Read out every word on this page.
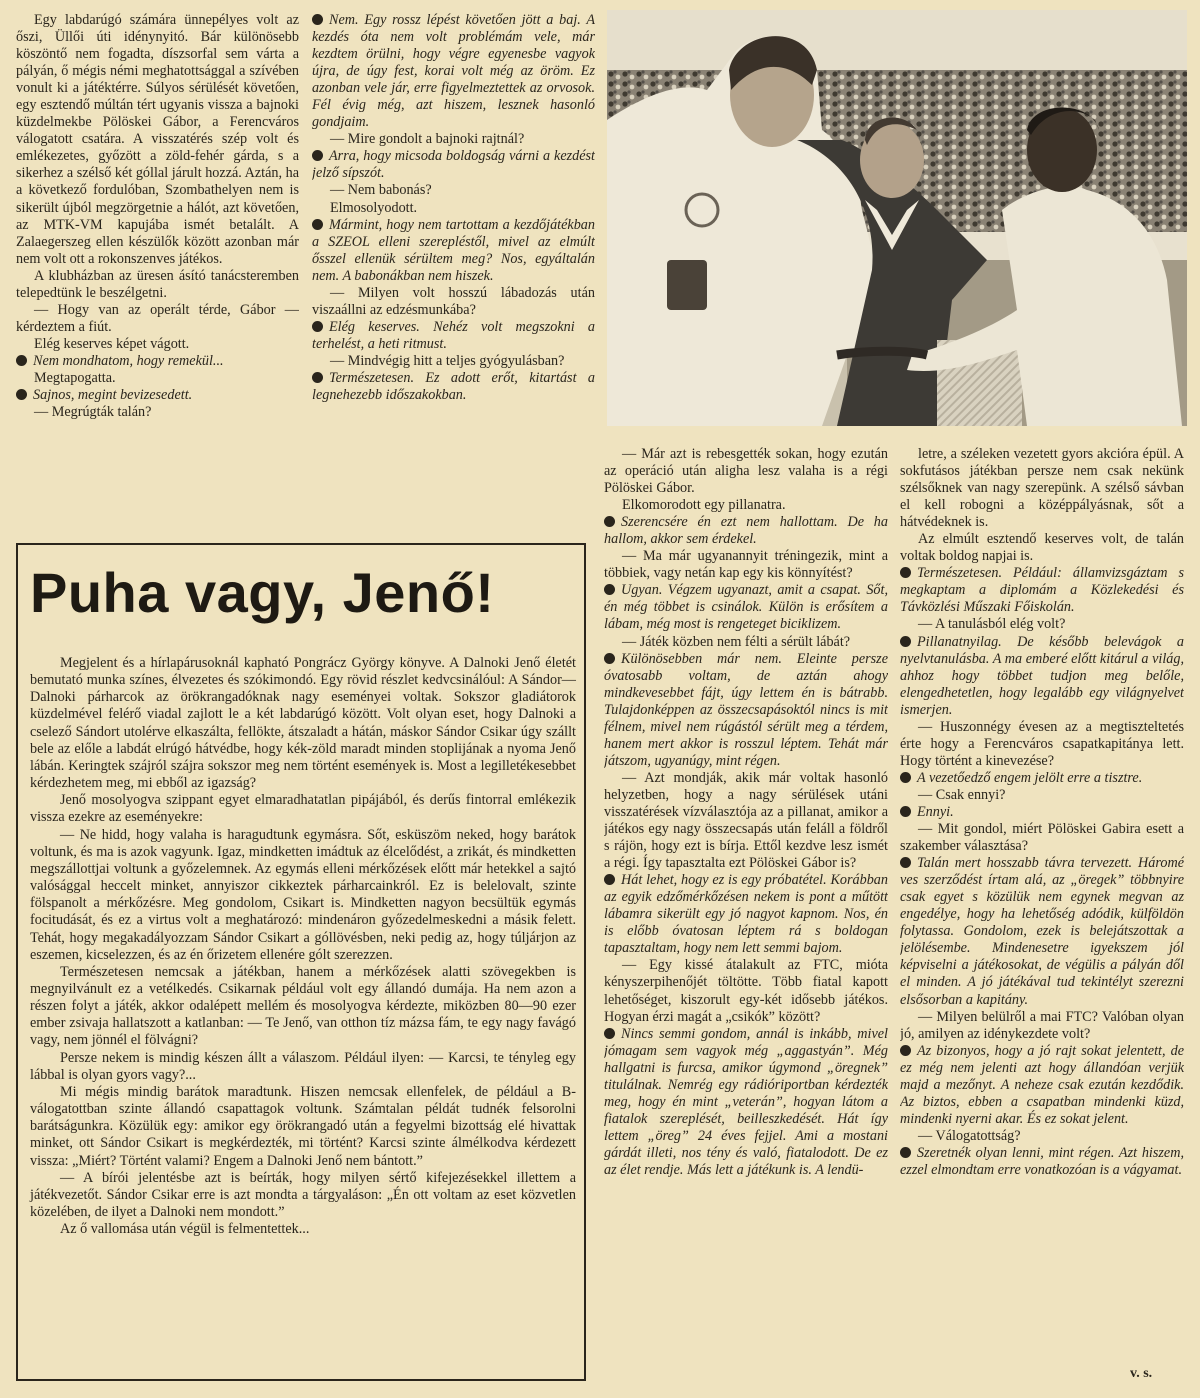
Egy labdarúgó számára ünnepélyes volt az őszi, Üllői úti idénynyitó. Bár különösebb köszöntő nem fogadta, díszsorfal sem várta a pályán, ő mégis némi meghatottsággal a szívében vonult ki a játéktérre. Súlyos sérülését követően, egy esztendő múltán tért ugyanis vissza a bajnoki küzdelmekbe Pölöskei Gábor, a Ferencváros válogatott csatára. A visszatérés szép volt és emlékezetes, győzött a zöld-fehér gárda, s a sikerhez a szélső két góllal járult hozzá. Aztán, ha a következő fordulóban, Szombathelyen nem is sikerült újból megzörgetnie a hálót, azt követően, az MTK-VM kapujába ismét betalált. A Zalaegerszeg ellen készülők között azonban már nem volt ott a rokonszenves játékos.

A klubházban az üresen ásító tanácsteremben telepedtünk le beszélgetni.

— Hogy van az operált térde, Gábor — kérdeztem a fiút.

Elég keserves képet vágott.

Nem mondhatom, hogy remekül...

Megtapogatta.

Sajnos, megint bevizesedett.

— Megrúgták talán?

Nem. Egy rossz lépést követően jött a baj. A kezdés óta nem volt problémám vele, már kezdtem örülni, hogy végre egyenesbe vagyok újra, de úgy fest, korai volt még az öröm. Ez azonban vele jár, erre figyelmeztettek az orvosok. Fél évig még, azt hiszem, lesznek hasonló gondjaim.

— Mire gondolt a bajnoki rajtnál?

Arra, hogy micsoda boldogság várni a kezdést jelző sípszót.

— Nem babonás?

Elmosolyodott.

Mármint, hogy nem tartottam a kezdőjátékban a SZEOL elleni szerepléstől, mivel az elmúlt ősszel ellenük sérültem meg? Nos, egyáltalán nem. A babonákban nem hiszek.

— Milyen volt hosszú lábadozás után viszaállni az edzésmunkába?

Elég keserves. Nehéz volt megszokni a terhelést, a heti ritmust.

— Mindvégig hitt a teljes gyógyulásban?

Természetesen. Ez adott erőt, kitartást a legnehezebb időszakokban.

— Már azt is rebesgették sokan, hogy ezután az operáció után aligha lesz valaha is a régi Pölöskei Gábor.

Elkomorodott egy pillanatra.

Szerencsére én ezt nem hallottam. De ha hallom, akkor sem érdekel.

— Ma már ugyanannyit tréningezik, mint a többiek, vagy netán kap egy kis könnyítést?

Ugyan. Végzem ugyanazt, amit a csapat. Sőt, én még többet is csinálok. Külön is erősítem a lábam, még most is rengeteget biciklizem.

— Játék közben nem félti a sérült lábát?

Különösebben már nem. Eleinte persze óvatosabb voltam, de aztán ahogy mindkevesebbet fájt, úgy lettem én is bátrabb. Tulajdonképpen az összecsapásoktól nincs is mit félnem, mivel nem rúgástól sérült meg a térdem, hanem mert akkor is rosszul léptem. Tehát már játszom, ugyanúgy, mint régen.

— Azt mondják, akik már voltak hasonló helyzetben, hogy a nagy sérülések utáni visszatérések vízválasztója az a pillanat, amikor a játékos egy nagy összecsapás után feláll a földről s rájön, hogy ezt is bírja. Ettől kezdve lesz ismét a régi. Így tapasztalta ezt Pölöskei Gábor is?

Hát lehet, hogy ez is egy próbatétel. Korábban az egyik edzőmérkőzésen nekem is pont a műtött lábamra sikerült egy jó nagyot kapnom. Nos, én is előbb óvatosan léptem rá s boldogan tapasztaltam, hogy nem lett semmi bajom.

— Egy kissé átalakult az FTC, mióta kényszerpihenőjét töltötte. Több fiatal kapott lehetőséget, kiszorult egy-két idősebb játékos. Hogyan érzi magát a „csikók” között?

Nincs semmi gondom, annál is inkább, mivel jómagam sem vagyok még „aggastyán”. Még hallgatni is furcsa, amikor úgymond „öregnek” titulálnak. Nemrég egy rádióriportban kérdezték meg, hogy én mint „veterán”, hogyan látom a fiatalok szereplését, beilleszkedését. Hát így lettem „öreg” 24 éves fejjel. Ami a mostani gárdát illeti, nos tény és való, fiatalodott. De ez az élet rendje. Más lett a játékunk is. A lendü-

letre, a széleken vezetett gyors akcióra épül. A sokfutásos játékban persze nem csak nekünk szélsőknek van nagy szerepünk. A szélső sávban el kell robogni a középpályásnak, sőt a hátvédeknek is.

Az elmúlt esztendő keserves volt, de talán voltak boldog napjai is.

Természetesen. Például: államvizsgáztam s megkaptam a diplomám a Közlekedési és Távközlési Műszaki Főiskolán.

— A tanulásból elég volt?

Pillanatnyilag. De később belevágok a nyelvtanulásba. A ma emberé előtt kitárul a világ, ahhoz hogy többet tudjon meg belőle, elengedhetetlen, hogy legalább egy világnyelvet ismerjen.

— Huszonnégy évesen az a megtiszteltetés érte hogy a Ferencváros csapatkapitánya lett. Hogy történt a kinevezése?

A vezetőedző engem jelölt erre a tisztre.

— Csak ennyi?

Ennyi.

— Mit gondol, miért Pölöskei Gabira esett a szakember választása?

Talán mert hosszabb távra tervezett. Háromé ves szerződést írtam alá, az „öregek” többnyire csak egyet s közülük nem egynek megvan az engedélye, hogy ha lehetőség adódik, külföldön folytassa. Gondolom, ezek is belejátszottak a jelölésembe. Mindenesetre igyekszem jól képviselni a játékosokat, de végülis a pályán dől el minden. A jó játékával tud tekintélyt szerezni elsősorban a kapitány.

— Milyen belülről a mai FTC? Valóban olyan jó, amilyen az idénykezdete volt?

Az bizonyos, hogy a jó rajt sokat jelentett, de ez még nem jelenti azt hogy állandóan verjük majd a mezőnyt. A neheze csak ezután kezdődik. Az biztos, ebben a csapatban mindenki küzd, mindenki nyerni akar. És ez sokat jelent.

— Válogatottság?

Szeretnék olyan lenni, mint régen. Azt hiszem, ezzel elmondtam erre vonatkozóan is a vágyamat.

v. s.
Puha vagy, Jenő!

Megjelent és a hírlapárusoknál kapható Pongrácz György könyve. A Dalnoki Jenő életét bemutató munka színes, élvezetes és szókimondó. Egy rövid részlet kedvcsinálóul: A Sándor—Dalnoki párharcok az örökrangadóknak nagy eseményei voltak. Sokszor gladiátorok küzdelmével felérő viadal zajlott le a két labdarúgó között. Volt olyan eset, hogy Dalnoki a cselező Sándort utolérve elkaszálta, fellökte, átszaladt a hátán, máskor Sándor Csikar úgy szállt bele az előle a labdát elrúgó hátvédbe, hogy kék-zöld maradt minden stoplijának a nyoma Jenő lábán. Keringtek szájról szájra sokszor meg nem történt események is. Most a legilletékesebbet kérdezhetem meg, mi ebből az igazság?

Jenő mosolyogva szippant egyet elmaradhatatlan pipájából, és derűs fintorral emlékezik vissza ezekre az eseményekre:

— Ne hidd, hogy valaha is haragudtunk egymásra. Sőt, esküszöm neked, hogy barátok voltunk, és ma is azok vagyunk. Igaz, mindketten imádtuk az élcelődést, a zrikát, és mindketten megszállottjai voltunk a győzelemnek. Az egymás elleni mérkőzések előtt már hetekkel a sajtó valósággal heccelt minket, annyiszor cikkeztek párharcainkról. Ez is belelovalt, szinte fölspanolt a mérkőzésre. Meg gondolom, Csikart is. Mindketten nagyon becsültük egymás focitudását, és ez a virtus volt a meghatározó: mindenáron győzedelmeskedni a másik felett. Tehát, hogy megakadályozzam Sándor Csikart a góllövésben, neki pedig az, hogy túljárjon az eszemen, kicselezzen, és az én őrizetem ellenére gólt szerezzen.

Természetesen nemcsak a játékban, hanem a mérkőzések alatti szövegekben is megnyilvánult ez a vetélkedés. Csikarnak például volt egy állandó dumája. Ha nem azon a részen folyt a játék, akkor odalépett mellém és mosolyogva kérdezte, miközben 80—90 ezer ember zsivaja hallatszott a katlanban: — Te Jenő, van otthon tíz mázsa fám, te egy nagy favágó vagy, nem jönnél el fölvágni?

Persze nekem is mindig készen állt a válaszom. Például ilyen: — Karcsi, te tényleg egy lábbal is olyan gyors vagy?...

Mi mégis mindig barátok maradtunk. Hiszen nemcsak ellenfelek, de például a B-válogatottban szinte állandó csapattagok voltunk. Számtalan példát tudnék felsorolni barátságunkra. Közülük egy: amikor egy örökrangadó után a fegyelmi bizottság elé hivattak minket, ott Sándor Csikart is megkérdezték, mi történt? Karcsi szinte álmélkodva kérdezett vissza: „Miért? Történt valami? Engem a Dalnoki Jenő nem bántott.”

— A bírói jelentésbe azt is beírták, hogy milyen sértő kifejezésekkel illettem a játékvezetőt. Sándor Csikar erre is azt mondta a tárgyaláson: „Én ott voltam az eset közvetlen közelében, de ilyet a Dalnoki nem mondott.”

Az ő vallomása után végül is felmentettek...
